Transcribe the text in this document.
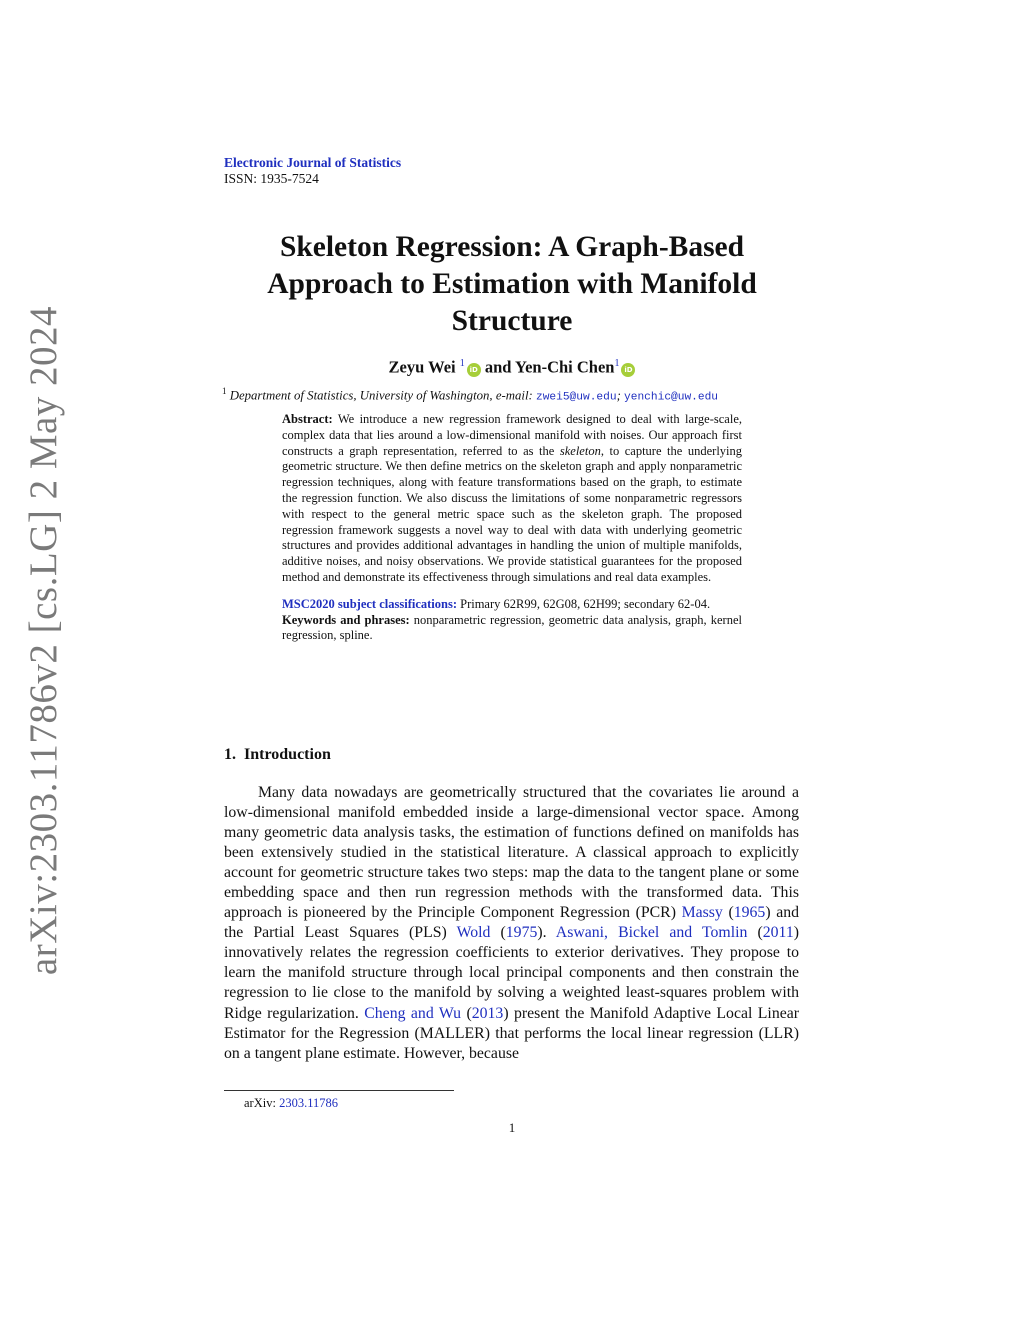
arXiv:2303.11786v2 [cs.LG] 2 May 2024
Electronic Journal of Statistics
ISSN: 1935-7524
Skeleton Regression: A Graph-Based
Approach to Estimation with Manifold
Structure
Zeyu Wei $^1$iD and Yen-Chi Chen$^1$iD
$^1$ Department of Statistics, University of Washington, e-mail: zwei5@uw.edu; yenchic@uw.edu

Abstract: We introduce a new regression framework designed to deal with large-scale, complex data that lies around a low-dimensional manifold with noises. Our approach first constructs a graph representation, referred to as the skeleton, to capture the underlying geometric structure. We then define metrics on the skeleton graph and apply nonparametric regression techniques, along with feature transformations based on the graph, to estimate the regression function. We also discuss the limitations of some nonparametric regressors with respect to the general metric space such as the skeleton graph. The proposed regression framework suggests a novel way to deal with data with underlying geometric structures and provides additional advantages in handling the union of multiple manifolds, additive noises, and noisy observations. We provide statistical guarantees for the proposed method and demonstrate its effectiveness through simulations and real data examples.

MSC2020 subject classifications: Primary 62R99, 62G08, 62H99; secondary 62-04.

Keywords and phrases: nonparametric regression, geometric data analysis, graph, kernel regression, spline.

1. Introduction

Many data nowadays are geometrically structured that the covariates lie around a low-dimensional manifold embedded inside a large-dimensional vector space. Among many geometric data analysis tasks, the estimation of functions defined on manifolds has been extensively studied in the statistical literature. A classical approach to explicitly account for geometric structure takes two steps: map the data to the tangent plane or some embedding space and then run regression methods with the transformed data. This approach is pioneered by the Principle Component Regression (PCR) Massy (1965) and the Partial Least Squares (PLS) Wold (1975). Aswani, Bickel and Tomlin (2011) innovatively relates the regression coefficients to exterior derivatives. They propose to learn the manifold structure through local principal components and then constrain the regression to lie close to the manifold by solving a weighted least-squares problem with Ridge regularization. Cheng and Wu (2013) present the Manifold Adaptive Local Linear Estimator for the Regression (MALLER) that performs the local linear regression (LLR) on a tangent plane estimate. However, because

arXiv: 2303.11786
1
